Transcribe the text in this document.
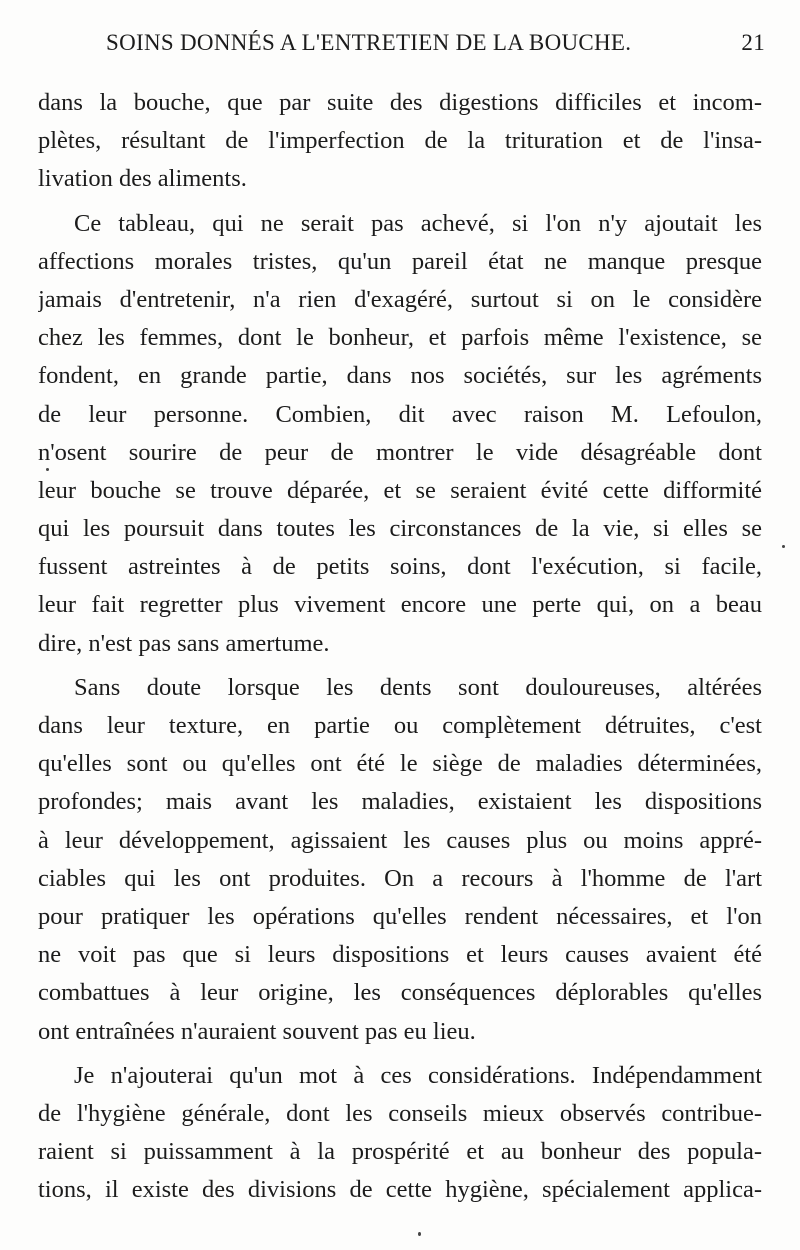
SOINS DONNÉS A L'ENTRETIEN DE LA BOUCHE.	21
dans la bouche, que par suite des digestions difficiles et incom-
plètes, résultant de l'imperfection de la trituration et de l'insa-
livation des aliments.
Ce tableau, qui ne serait pas achevé, si l'on n'y ajoutait les
affections morales tristes, qu'un pareil état ne manque presque
jamais d'entretenir, n'a rien d'exagéré, surtout si on le considère
chez les femmes, dont le bonheur, et parfois même l'existence, se
fondent, en grande partie, dans nos sociétés, sur les agréments
de leur personne. Combien, dit avec raison M. Lefoulon,
n'osent sourire de peur de montrer le vide désagréable dont
leur bouche se trouve déparée, et se seraient évité cette difformité
qui les poursuit dans toutes les circonstances de la vie, si elles se
fussent astreintes à de petits soins, dont l'exécution, si facile,
leur fait regretter plus vivement encore une perte qui, on a beau
dire, n'est pas sans amertume.
Sans doute lorsque les dents sont douloureuses, altérées
dans leur texture, en partie ou complètement détruites, c'est
qu'elles sont ou qu'elles ont été le siège de maladies déterminées,
profondes; mais avant les maladies, existaient les dispositions
à leur développement, agissaient les causes plus ou moins appré-
ciables qui les ont produites. On a recours à l'homme de l'art
pour pratiquer les opérations qu'elles rendent nécessaires, et l'on
ne voit pas que si leurs dispositions et leurs causes avaient été
combattues à leur origine, les conséquences déplorables qu'elles
ont entraînées n'auraient souvent pas eu lieu.
Je n'ajouterai qu'un mot à ces considérations. Indépendamment
de l'hygiène générale, dont les conseils mieux observés contribue-
raient si puissamment à la prospérité et au bonheur des popula-
tions, il existe des divisions de cette hygiène, spécialement applica-
